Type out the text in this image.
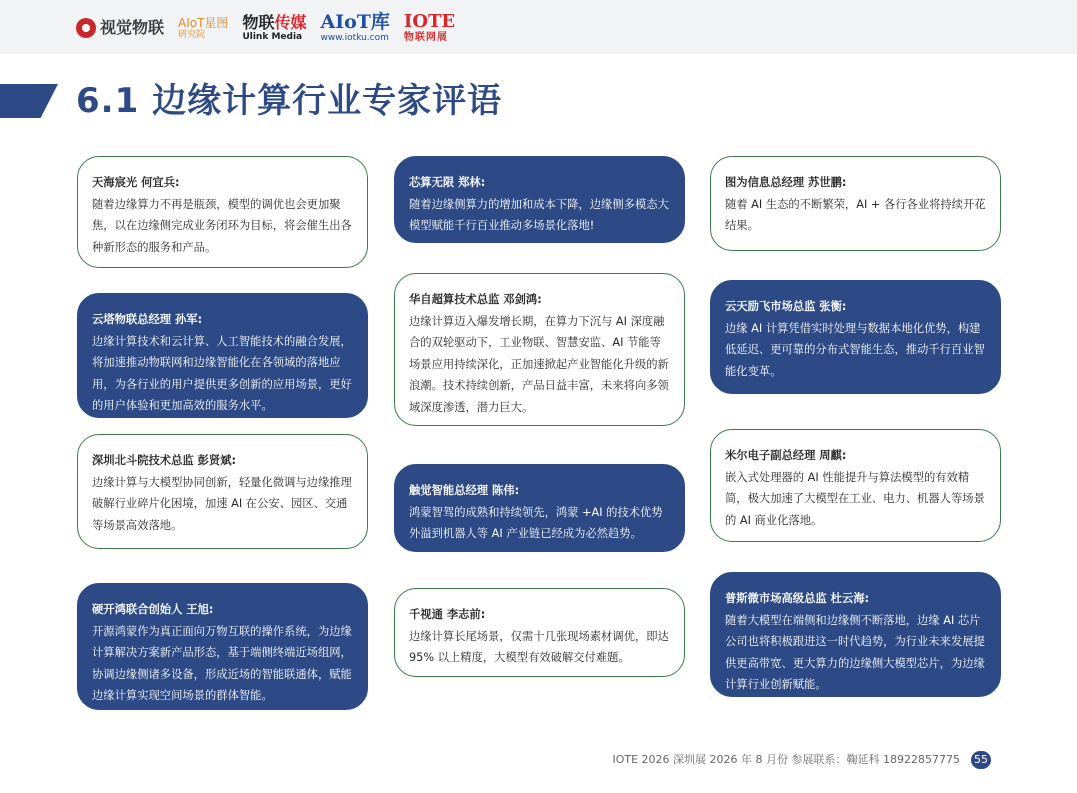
视觉物联 AIoT星图
研究院
物联传媒
Ulink Media
AIoT库
www.iotku.com
IOTE
物联网展
6.1 边缘计算行业专家评语
天海宸光 何宜兵:
随着边缘算力不再是瓶颈，模型的调优也会更加聚焦，以在边缘侧完成业务闭环为目标，将会催生出各种新形态的服务和产品。
云塔物联总经理 孙军:
边缘计算技术和云计算、人工智能技术的融合发展，将加速推动物联网和边缘智能化在各领域的落地应用，为各行业的用户提供更多创新的应用场景，更好的用户体验和更加高效的服务水平。
深圳北斗院技术总监 彭贤斌:
边缘计算与大模型协同创新，轻量化微调与边缘推理破解行业碎片化困境，加速 AI 在公安、园区、交通等场景高效落地。
硬开鸿联合创始人 王旭:
开源鸿蒙作为真正面向万物互联的操作系统，为边缘计算解决方案新产品形态，基于端侧终端近场组网，协调边缘侧诸多设备，形成近场的智能联通体，赋能边缘计算实现空间场景的群体智能。
芯算无限 郑林:
随着边缘侧算力的增加和成本下降，边缘侧多模态大模型赋能千行百业推动多场景化落地!
华自超算技术总监 邓剑鸿:
边缘计算迈入爆发增长期，在算力下沉与 AI 深度融合的双轮驱动下，工业物联、智慧安监、AI 节能等场景应用持续深化，正加速掀起产业智能化升级的新浪潮。技术持续创新，产品日益丰富，未来将向多领域深度渗透，潜力巨大。
触觉智能总经理 陈伟:
鸿蒙智驾的成熟和持续领先，鸿蒙 +AI 的技术优势外溢到机器人等 AI 产业链已经成为必然趋势。
千视通 李志前:
边缘计算长尾场景，仅需十几张现场素材调优，即达 95% 以上精度，大模型有效破解交付难题。
图为信息总经理 苏世鹏:
随着 AI 生态的不断繁荣，AI + 各行各业将持续开花结果。
云天励飞市场总监 张衡:
边缘 AI 计算凭借实时处理与数据本地化优势，构建低延迟、更可靠的分布式智能生态，推动千行百业智能化变革。
米尔电子副总经理 周麒:
嵌入式处理器的 AI 性能提升与算法模型的有效精简，极大加速了大模型在工业、电力、机器人等场景的 AI 商业化落地。
普斯微市场高级总监 杜云海:
随着大模型在端侧和边缘侧不断落地，边缘 AI 芯片公司也将积极跟进这一时代趋势，为行业未来发展提供更高带宽、更大算力的边缘侧大模型芯片，为边缘计算行业创新赋能。
IOTE 2026 深圳展 2026 年 8 月份 参展联系：鞠延科 18922857775 55
